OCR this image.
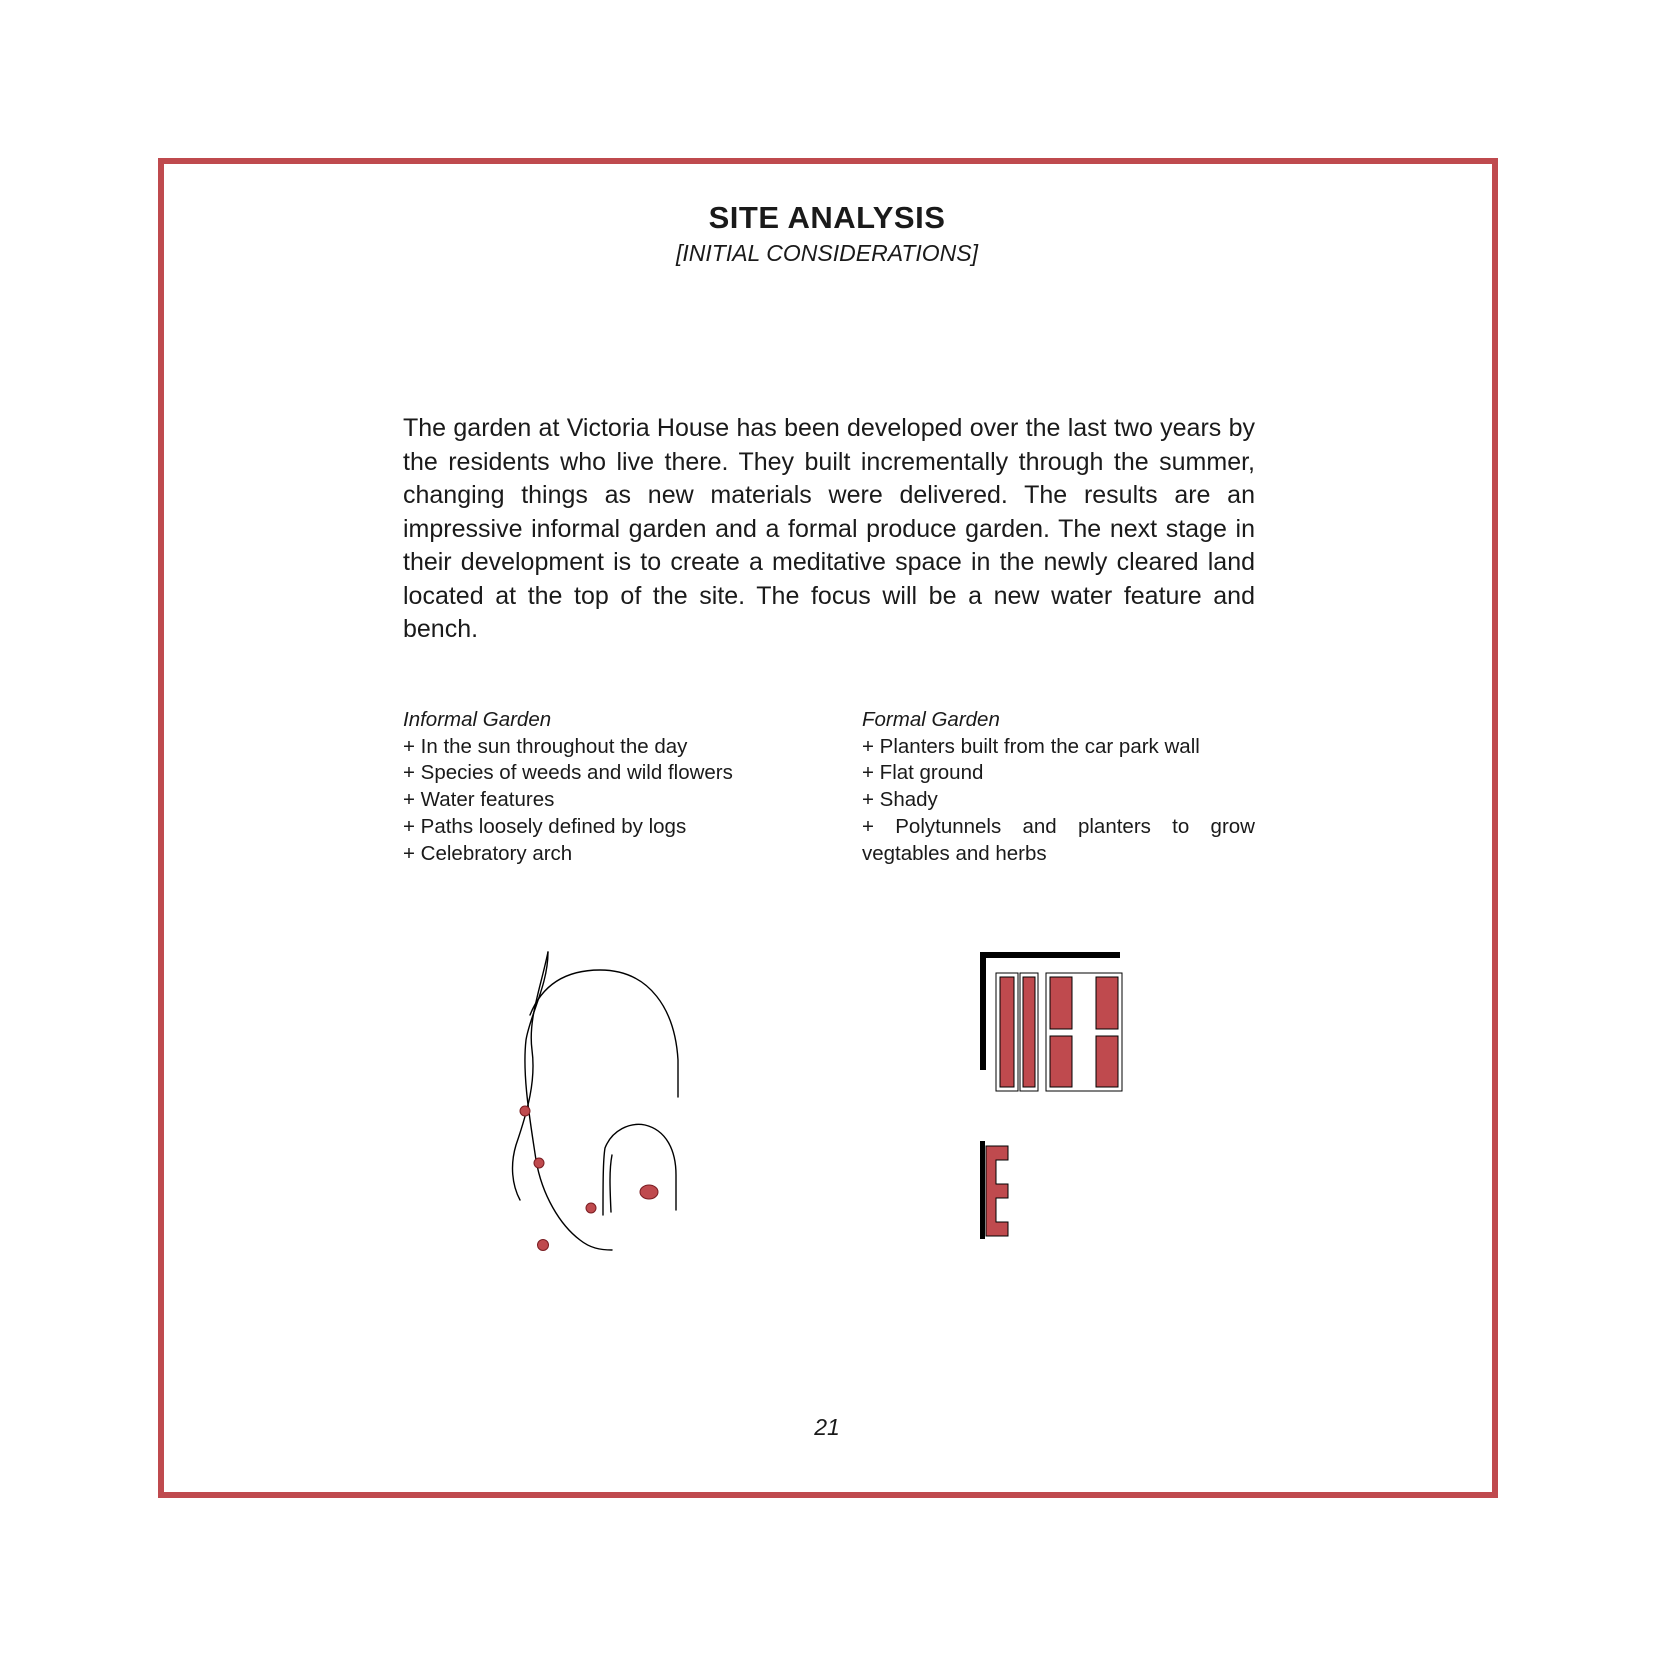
SITE ANALYSIS
[INITIAL CONSIDERATIONS]

The garden at Victoria House has been developed over the last two years by the residents who live there. They built incrementally through the summer, changing things as new materials were delivered. The results are an impressive informal garden and a formal produce garden. The next stage in their development is to create a meditative space in the newly cleared land located at the top of the site. The focus will be a new water feature and bench.

Informal Garden
+ In the sun throughout the day
+ Species of weeds and wild flowers
+ Water features
+ Paths loosely defined by logs
+ Celebratory arch
Formal Garden
+ Planters built from the car park wall
+ Flat ground
+ Shady
+ Polytunnels and planters to grow vegtables and herbs
21
